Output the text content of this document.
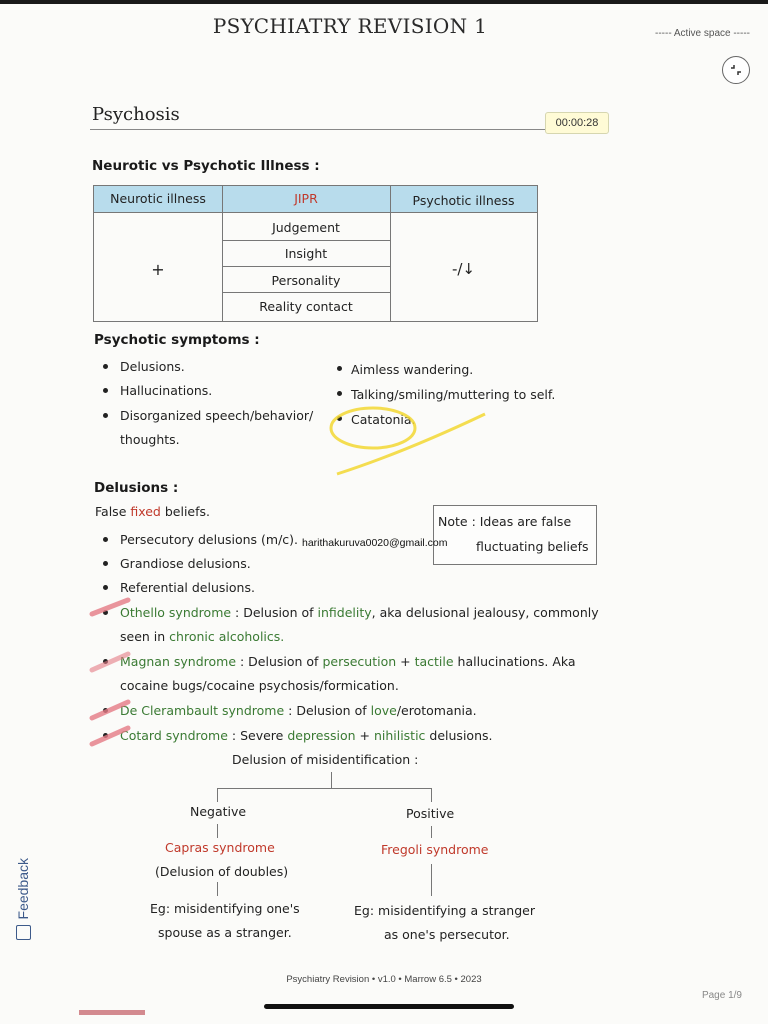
PSYCHIATRY REVISION 1	----- Active space -----
Psychosis	00:00:28
Neurotic vs Psychotic Illness :
Neurotic illness	JIPR	Psychotic illness
+	-/↓
Judgement
Insight
Personality
Reality contact
Psychotic symptoms :
Delusions.
Hallucinations.
Disorganized speech/behavior/
thoughts.
Aimless wandering.
Talking/smiling/muttering to self.
Catatonia.
Delusions :
False fixed beliefs.
Note : Ideas are false
fluctuating beliefs
Persecutory delusions (m/c). harithakuruva0020@gmail.com
Grandiose delusions.
Referential delusions.
Othello syndrome : Delusion of infidelity, aka delusional jealousy, commonly
seen in chronic alcoholics.
Magnan syndrome : Delusion of persecution + tactile hallucinations. Aka
cocaine bugs/cocaine psychosis/formication.
De Clerambault syndrome : Delusion of love/erotomania.
Cotard syndrome : Severe depression + nihilistic delusions.
Delusion of misidentification :
Negative	Positive
Capras syndrome
(Delusion of doubles)
Fregoli syndrome
Eg: misidentifying one's
spouse as a stranger.
Eg: misidentifying a stranger
as one's persecutor.
Psychiatry Revision • v1.0 • Marrow 6.5 • 2023
Page 1/9
Feedback
